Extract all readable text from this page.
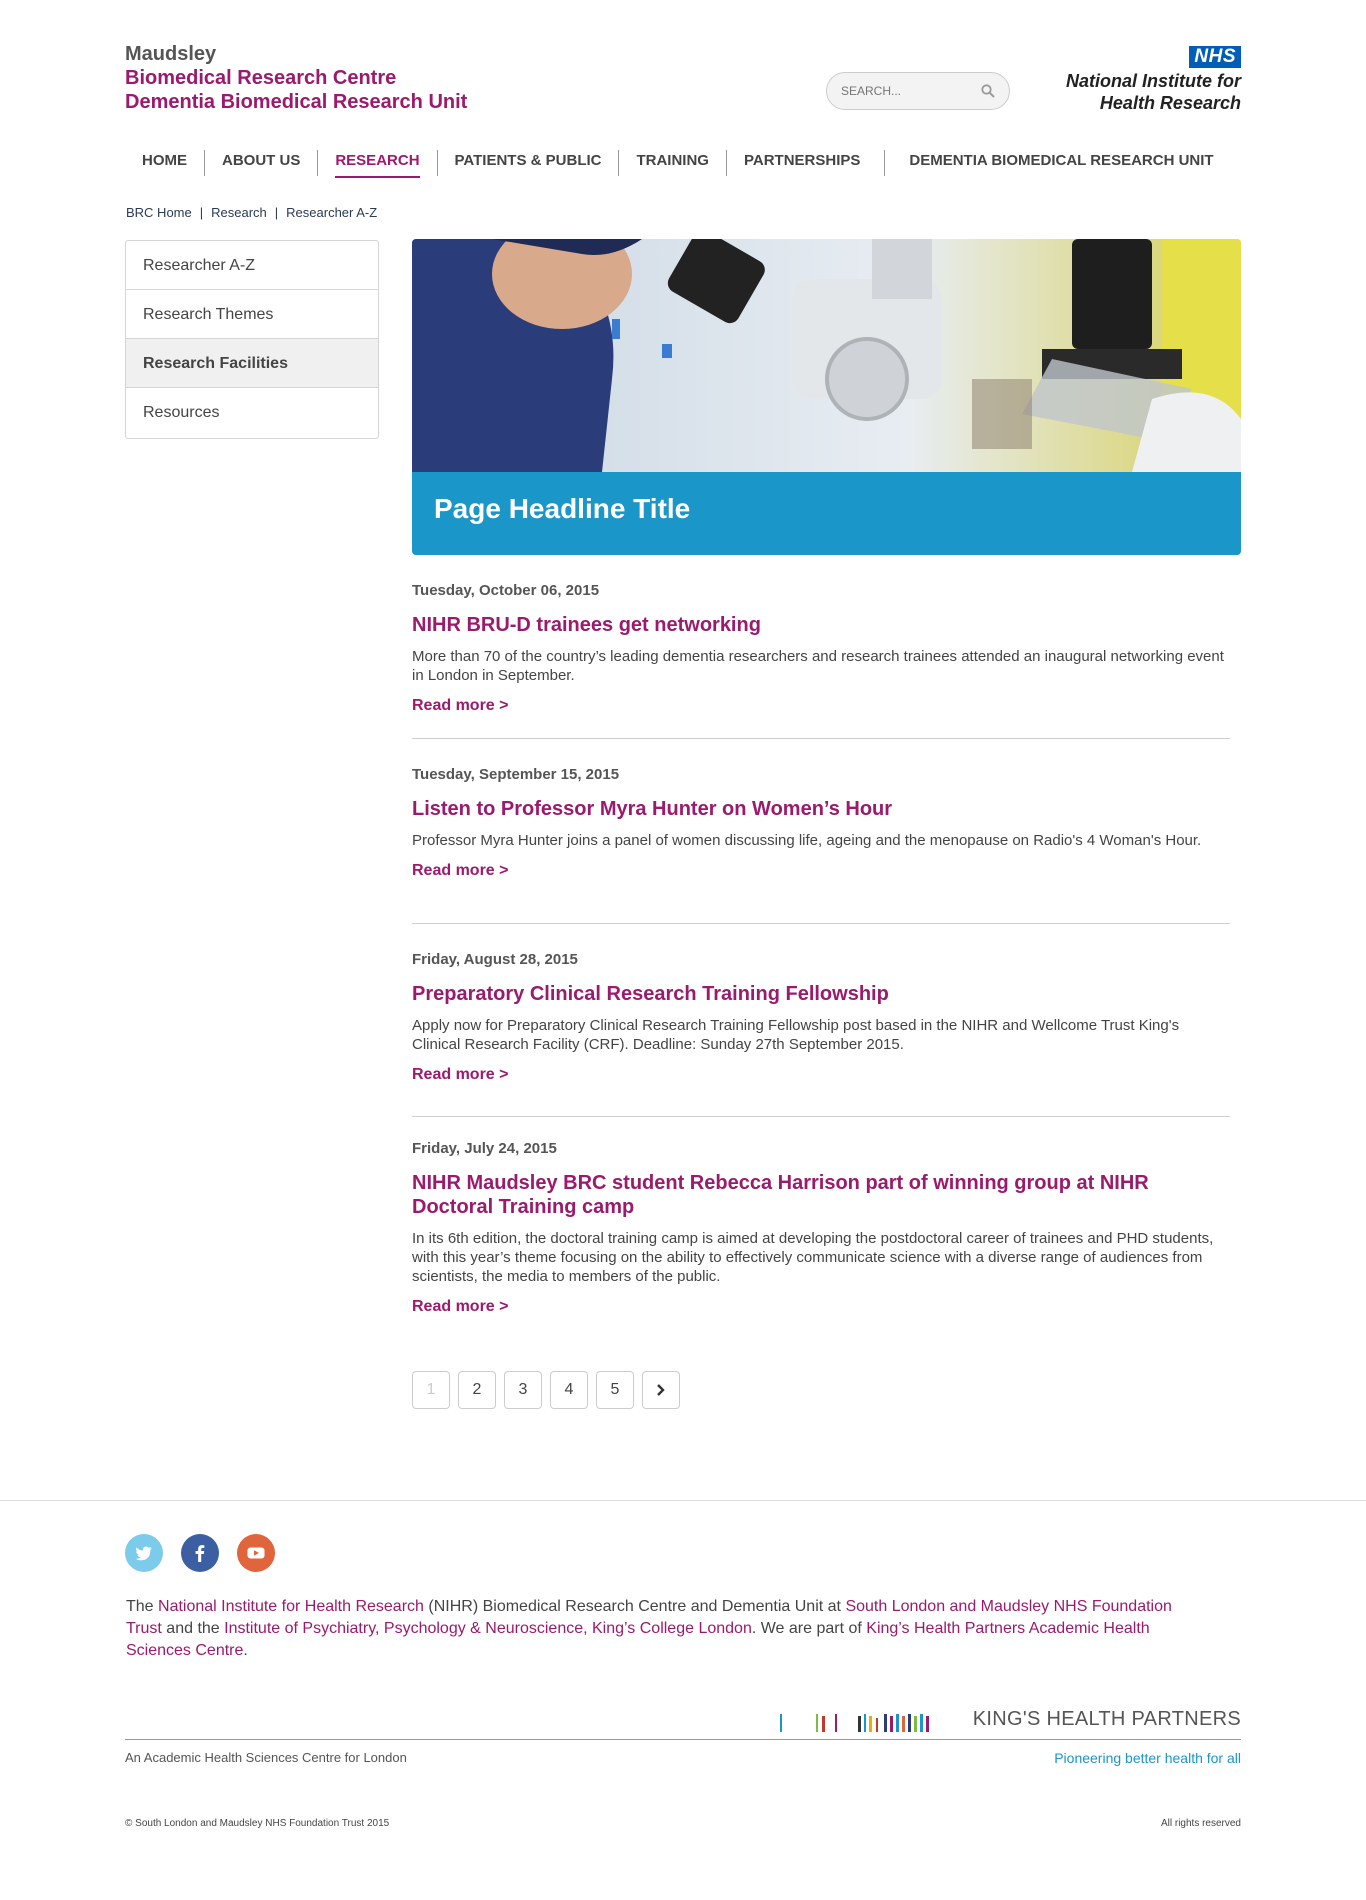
Maudsley
Biomedical Research Centre
Dementia Biomedical Research Unit
SEARCH...
NHS
National Institute for
Health Research
HOME	ABOUT US	RESEARCH	PATIENTS & PUBLIC	TRAINING	PARTNERSHIPS	DEMENTIA BIOMEDICAL RESEARCH UNIT
BRC Home | Research | Researcher A-Z
Researcher A-Z
Research Themes
Research Facilities
Resources
Page Headline Title
Tuesday, October 06, 2015
NIHR BRU-D trainees get networking
More than 70 of the country’s leading dementia researchers and research trainees attended an inaugural networking event in London in September.
Read more >
Tuesday, September 15, 2015
Listen to Professor Myra Hunter on Women’s Hour
Professor Myra Hunter joins a panel of women discussing life, ageing and the menopause on Radio's 4 Woman's Hour.
Read more >
Friday, August 28, 2015
Preparatory Clinical Research Training Fellowship
Apply now for Preparatory Clinical Research Training Fellowship post based in the NIHR and Wellcome Trust King's Clinical Research Facility (CRF). Deadline: Sunday 27th September 2015.
Read more >
Friday, July 24, 2015
NIHR Maudsley BRC student Rebecca Harrison part of winning group at NIHR Doctoral Training camp
In its 6th edition, the doctoral training camp is aimed at developing the postdoctoral career of trainees and PHD students, with this year’s theme focusing on the ability to effectively communicate science with a diverse range of audiences from scientists, the media to members of the public.
Read more >
1	2	3	4	5
The National Institute for Health Research (NIHR) Biomedical Research Centre and Dementia Unit at South London and Maudsley NHS Foundation Trust and the Institute of Psychiatry, Psychology & Neuroscience, King’s College London. We are part of King’s Health Partners Academic Health Sciences Centre.
KING'S HEALTH PARTNERS
An Academic Health Sciences Centre for London	Pioneering better health for all
© South London and Maudsley NHS Foundation Trust 2015	All rights reserved
